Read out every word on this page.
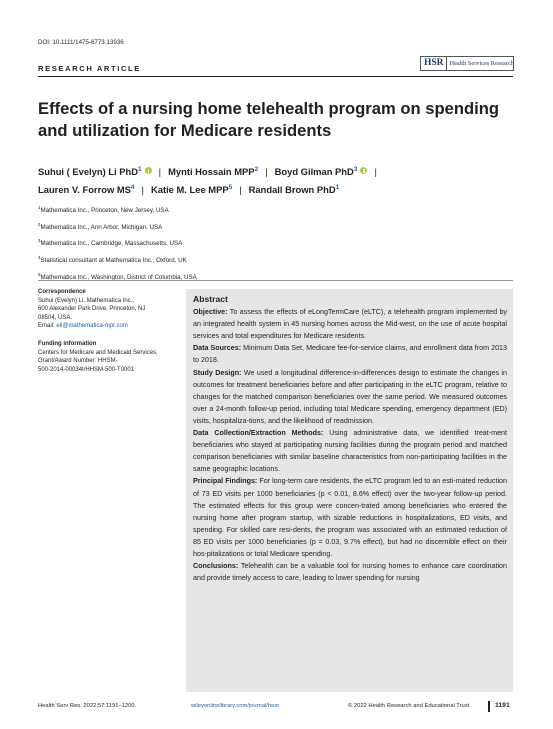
DOI: 10.1111/1475-6773.13936
RESEARCH ARTICLE
HSR Health Services Research
Effects of a nursing home telehealth program on spending and utilization for Medicare residents
Suhui ( Evelyn) Li PhD$^1$ | Mynti Hossain MPP$^2$ | Boyd Gilman PhD$^3$ |
Lauren V. Forrow $MS^4$ | Katie M. Lee MPP$^5$ | Randall Brown PhD$^1$
$^1$Mathematica Inc., Princeton, New Jersey, USA
$^2$Mathematica Inc., Ann Arbor, Michigan, USA
$^3$Mathematica Inc., Cambridge, Massachusetts, USA
$^4$Statistical consultant at Mathematica Inc., Oxford, UK
$^5$Mathematica Inc., Washington, District of Columbia, USA
Correspondence
Suhui (Evelyn) Li, Mathematica Inc.,
600 Alexander Park Drive, Princeton, NJ
08504, USA.
Email: eli@mathematica-mpr.com
Funding information
Centers for Medicare and Medicaid Services,
Grant/Award Number: HHSM-
500-2014-00034I/HHSM-500-T0001
Abstract

Objective: To assess the effects of eLongTermCare (eLTC), a telehealth program implemented by an integrated health system in 45 nursing homes across the Mid-west, on the use of acute hospital services and total expenditures for Medicare residents.

Data Sources: Minimum Data Set, Medicare fee-for-service claims, and enrollment data from 2013 to 2018.

Study Design: We used a longitudinal difference-in-differences design to estimate the changes in outcomes for treatment beneficiaries before and after participating in the eLTC program, relative to changes for the matched comparison beneficiaries over the same period. We measured outcomes over a 24-month follow-up period, including total Medicare spending, emergency department (ED) visits, hospitaliza-tions, and the likelihood of readmission.

Data Collection/Extraction Methods: Using administrative data, we identified treat-ment beneficiaries who stayed at participating nursing facilities during the program period and matched comparison beneficiaries with similar baseline characteristics from non-participating facilities in the same geographic locations.

Principal Findings: For long-term care residents, the eLTC program led to an esti-mated reduction of 73 ED visits per 1000 beneficiaries (p < 0.01, 8.6% effect) over the two-year follow-up period. The estimated effects for this group were concen-trated among beneficiaries who entered the nursing home after program startup, with sizable reductions in hospitalizations, ED visits, and spending. For skilled care resi-dents, the program was associated with an estimated reduction of 85 ED visits per 1000 beneficiaries (p = 0.03, 9.7% effect), but had no discernible effect on their hos-pitalizations or total Medicare spending.

Conclusions: Telehealth can be a valuable tool for nursing homes to enhance care coordination and provide timely access to care, leading to lower spending for nursing

Health Serv Res. 2022;57:1191–1200.	wileyonlinelibrary.com/journal/hesr	© 2022 Health Research and Educational Trust	1191
